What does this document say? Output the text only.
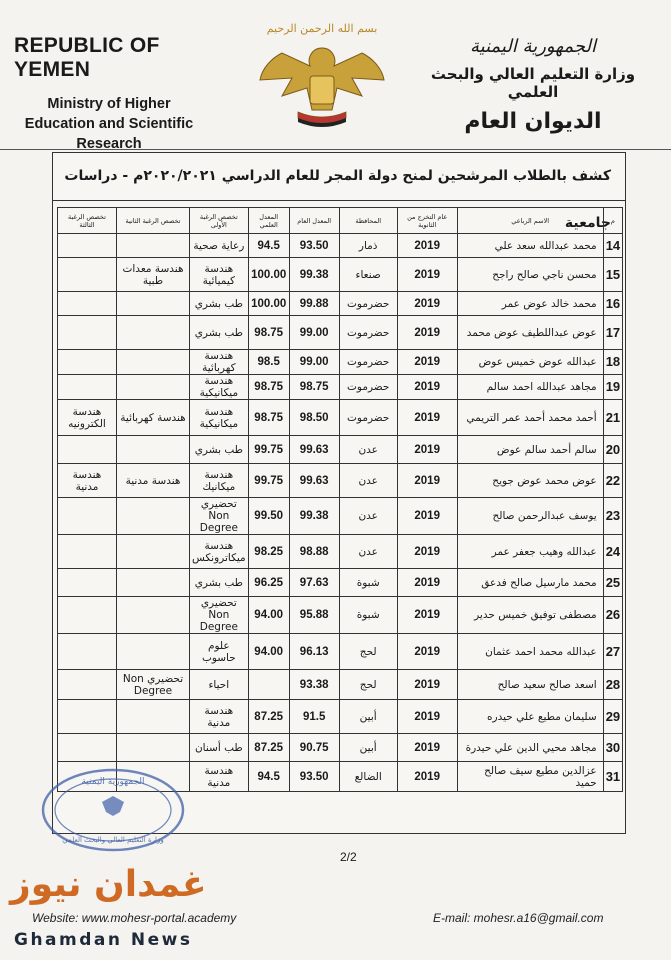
REPUBLIC OF YEMEN
Ministry of Higher Education and Scientific Research
بسم الله الرحمن الرحيم
الجمهورية اليمنية
وزارة التعليم العالي والبحث العلمي
الديوان العام
كشف بالطلاب المرشحين لمنح دولة المجر للعام الدراسي ٢٠٢٠/٢٠٢١م - دراسات جامعية م	الاسم الرباعي	عام التخرج من الثانوية	المحافظة	المعدل العام	المعدل العلمي	تخصص الرغبة الأولى	تخصص الرغبة الثانية	تخصص الرغبة الثالثة
14	محمد عبدالله سعد علي	2019	ذمار	93.50	94.5	رعاية صحية		
15	محسن ناجي صالح راجح	2019	صنعاء	99.38	100.00	هندسة كيميائية	هندسة معدات طبية	
16	محمد خالد عوض عمر	2019	حضرموت	99.88	100.00	طب بشري		
17	عوض عبداللطيف عوض محمد	2019	حضرموت	99.00	98.75	طب بشري		
18	عبدالله عوض خميس عوض	2019	حضرموت	99.00	98.5	هندسة كهربائية		
19	مجاهد عبدالله احمد سالم	2019	حضرموت	98.75	98.75	هندسة ميكانيكية		
21	أحمد محمد أحمد عمر التريمي	2019	حضرموت	98.50	98.75	هندسة ميكانيكية	هندسة كهربائية	هندسة الكترونيه
20	سالم أحمد سالم عوض	2019	عدن	99.63	99.75	طب بشري		
22	عوض محمد عوض جويح	2019	عدن	99.63	99.75	هندسة ميكانيك	هندسة مدنية	هندسة مدنية
23	يوسف عبدالرحمن صالح	2019	عدن	99.38	99.50	تحضيري Non Degree		
24	عبدالله وهيب جعفر عمر	2019	عدن	98.88	98.25	هندسة ميكاترونكس		
25	محمد مارسيل صالح فدعق	2019	شبوة	97.63	96.25	طب بشري		
26	مصطفى توفيق خميس حدير	2019	شبوة	95.88	94.00	تحضيري Non Degree		
27	عبدالله محمد احمد عثمان	2019	لحج	96.13	94.00	علوم حاسوب		
28	اسعد صالح سعيد صالح	2019	لحج	93.38		احياء	تحضيري Non Degree	
29	سليمان مطيع علي حيدره	2019	أبين	91.5	87.25	هندسة مدنية		
30	مجاهد محيي الدين علي حيدرة	2019	أبين	90.75	87.25	طب أسنان		
31	عزالدين مطيع سيف صالح حميد	2019	الضالع	93.50	94.5	هندسة مدنية		
2/2
الجمهورية اليمنية
وزارة التعليم العالي والبحث العلمي
غمدان نيوز
Website: www.mohesr-portal.academy	E-mail: mohesr.a16@gmail.com
Ghamdan News
